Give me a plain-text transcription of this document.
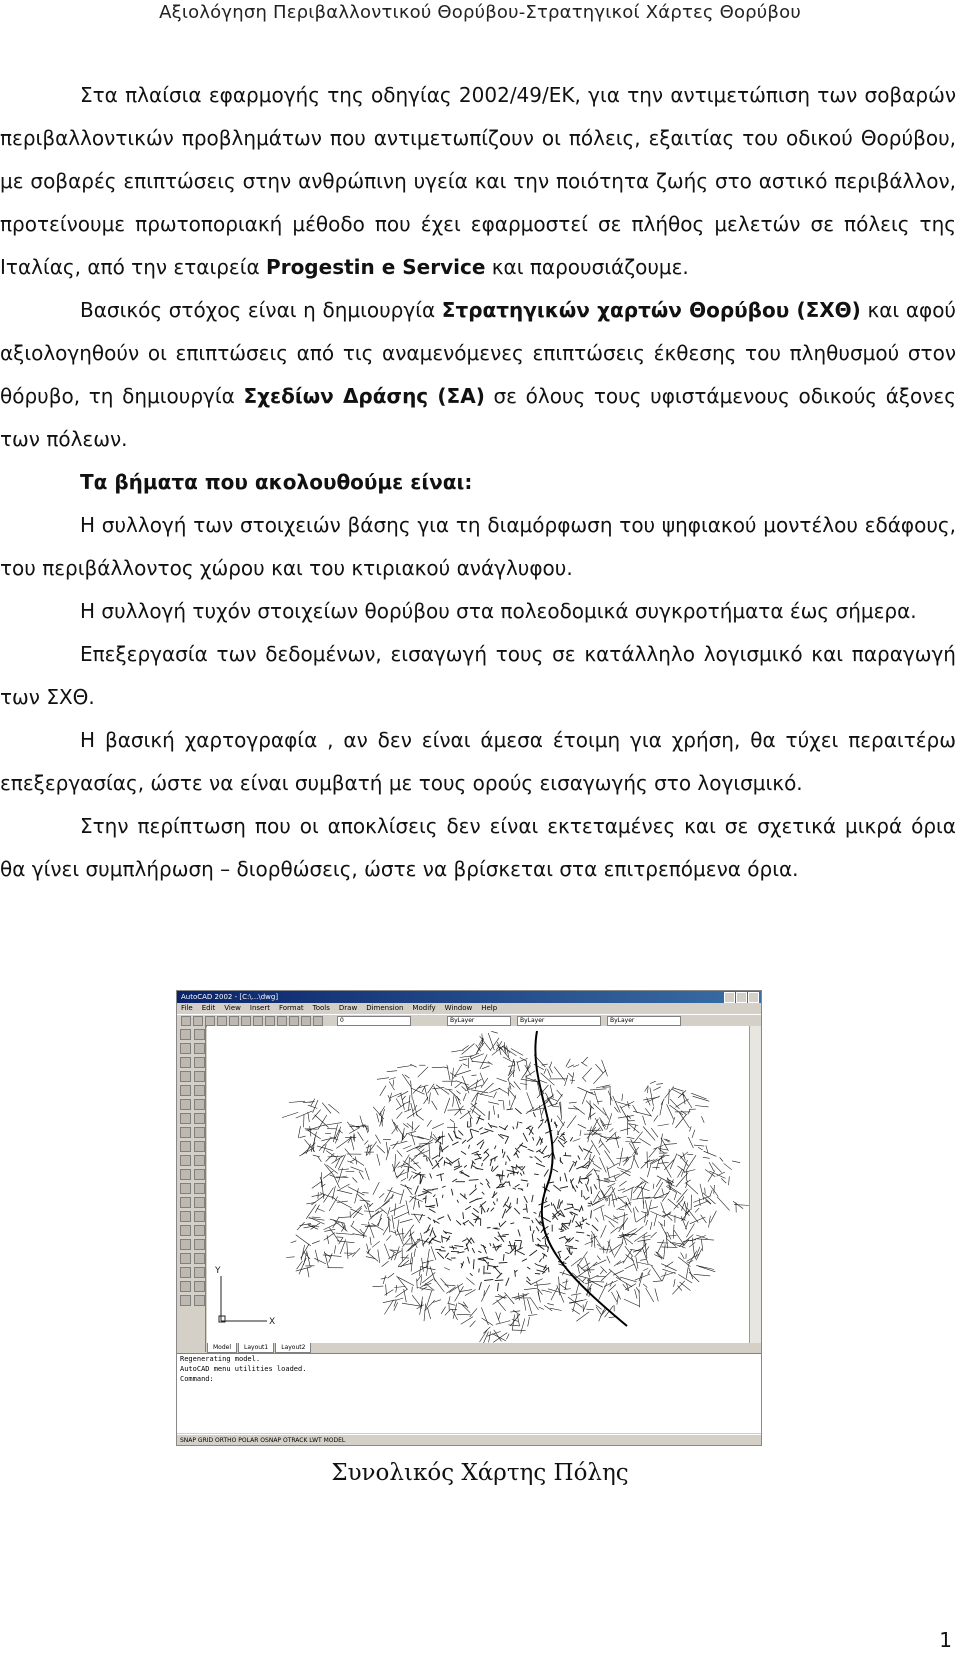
Αξιολόγηση Περιβαλλοντικού Θορύβου-Στρατηγικοί Χάρτες Θορύβου

Στα πλαίσια εφαρμογής της οδηγίας 2002/49/ΕΚ, για την αντιμετώπιση των σοβαρών περιβαλλοντικών προβλημάτων που αντιμετωπίζουν οι πόλεις, εξαιτίας του οδικού Θορύβου, με σοβαρές επιπτώσεις στην ανθρώπινη υγεία και την ποιότητα ζωής στο αστικό περιβάλλον, προτείνουμε πρωτοποριακή μέθοδο που έχει εφαρμοστεί σε πλήθος μελετών σε πόλεις της Ιταλίας, από την εταιρεία Progestin e Service και παρουσιάζουμε.

Βασικός στόχος είναι η δημιουργία Στρατηγικών χαρτών Θορύβου (ΣΧΘ) και αφού αξιολογηθούν οι επιπτώσεις από τις αναμενόμενες επιπτώσεις έκθεσης του πληθυσμού στον θόρυβο, τη δημιουργία Σχεδίων Δράσης (ΣΑ) σε όλους τους υφιστάμενους οδικούς άξονες των πόλεων.

Τα βήματα που ακολουθούμε είναι:

Η συλλογή των στοιχειών βάσης για τη διαμόρφωση του ψηφιακού μοντέλου εδάφους, του περιβάλλοντος χώρου και του κτιριακού ανάγλυφου.

Η συλλογή τυχόν στοιχείων θορύβου στα πολεοδομικά συγκροτήματα έως σήμερα.

Επεξεργασία των δεδομένων, εισαγωγή τους σε κατάλληλο λογισμικό και παραγωγή των ΣΧΘ.

Η βασική χαρτογραφία , αν δεν είναι άμεσα έτοιμη για χρήση, θα τύχει περαιτέρω επεξεργασίας, ώστε να είναι συμβατή με τους ορούς εισαγωγής στο λογισμικό.

Στην περίπτωση που οι αποκλίσεις δεν είναι εκτεταμένες και σε σχετικά μικρά όρια θα γίνει συμπλήρωση – διορθώσεις, ώστε να βρίσκεται στα επιτρεπόμενα όρια.

AutoCAD 2002 - [C:\...\dwg]
File Edit View Insert Format Tools Draw Dimension Modify Window Help
0	ByLayer	ByLayer	ByLayer
Y
X
Model Layout1 Layout2
Regenerating model.
AutoCAD menu utilities loaded.
Command:
SNAP GRID ORTHO POLAR OSNAP OTRACK LWT MODEL
Συνολικός Χάρτης Πόλης
1
